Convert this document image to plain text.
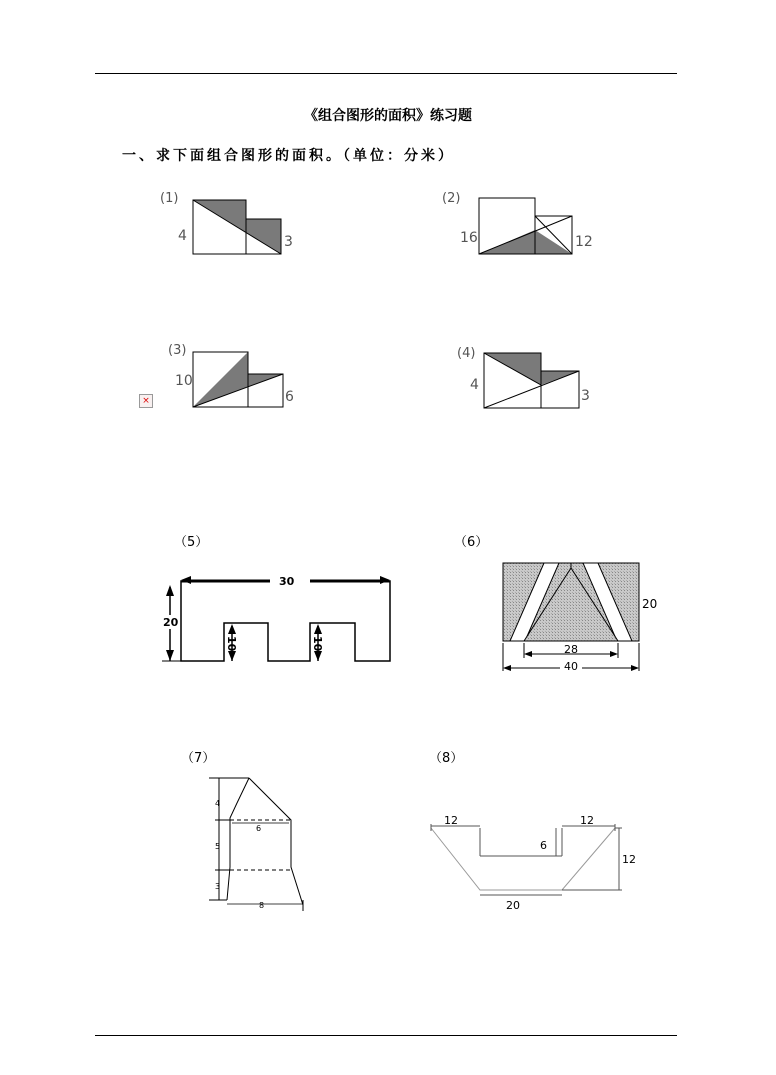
《组合图形的面积》练习题
一、求下面组合图形的面积。（单位：分米）
(1)
4	3
(2)
16	12
(3)
10
6
×
(4)
4
3
（5）
30
20
10	10
（6）
20
28
40
（7）
4
5
3
6
8
（8）
12	12
6
12
20
